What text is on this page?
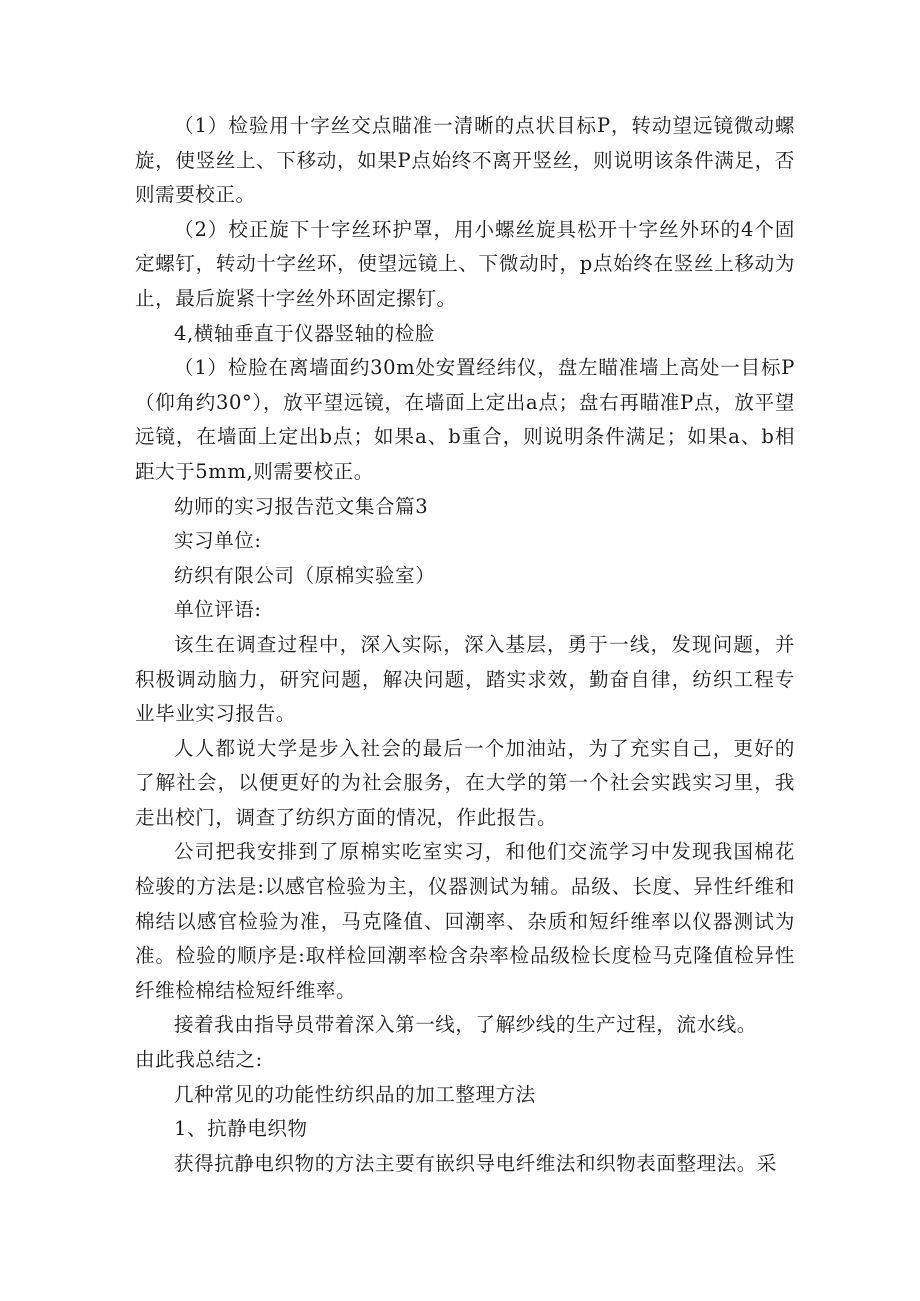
（1）检验用十字丝交点瞄准一清晰的点状目标P，转动望远镜微动螺旋，使竖丝上、下移动，如果P点始终不离开竖丝，则说明该条件满足，否则需要校正。

（2）校正旋下十字丝环护罩，用小螺丝旋具松开十字丝外环的4个固定螺钉，转动十字丝环，使望远镜上、下微动时，p点始终在竖丝上移动为止，最后旋紧十字丝外环固定摞钉。

4,横轴垂直于仪器竖轴的检脸

（1）检脸在离墙面约30m处安置经纬仪，盘左瞄准墙上高处一目标P（仰角约30°），放平望远镜，在墙面上定出a点；盘右再瞄准P点，放平望远镜，在墙面上定出b点；如果a、b重合，则说明条件满足；如果a、b相距大于5mm,则需要校正。

幼师的实习报告范文集合篇3

实习单位:

纺织有限公司（原棉实验室）

单位评语:

该生在调查过程中，深入实际，深入基层，勇于一线，发现问题，并积极调动脑力，研究问题，解决问题，踏实求效，勤奋自律，纺织工程专业毕业实习报告。

人人都说大学是步入社会的最后一个加油站，为了充实自己，更好的了解社会，以便更好的为社会服务，在大学的第一个社会实践实习里，我走出校门，调查了纺织方面的情况，作此报告。

公司把我安排到了原棉实吃室实习，和他们交流学习中发现我国棉花检骏的方法是:以感官检验为主，仪器测试为辅。品级、长度、异性纤维和棉结以感官检验为准，马克隆值、回潮率、杂质和短纤维率以仪器测试为准。检验的顺序是:取样检回潮率检含杂率检品级检长度检马克隆值检异性纤维检棉结检短纤维率。

接着我由指导员带着深入第一线，了解纱线的生产过程，流水线。

由此我总结之:

几种常见的功能性纺织品的加工整理方法

1、抗静电织物

获得抗静电织物的方法主要有嵌织导电纤维法和织物表面整理法。采
